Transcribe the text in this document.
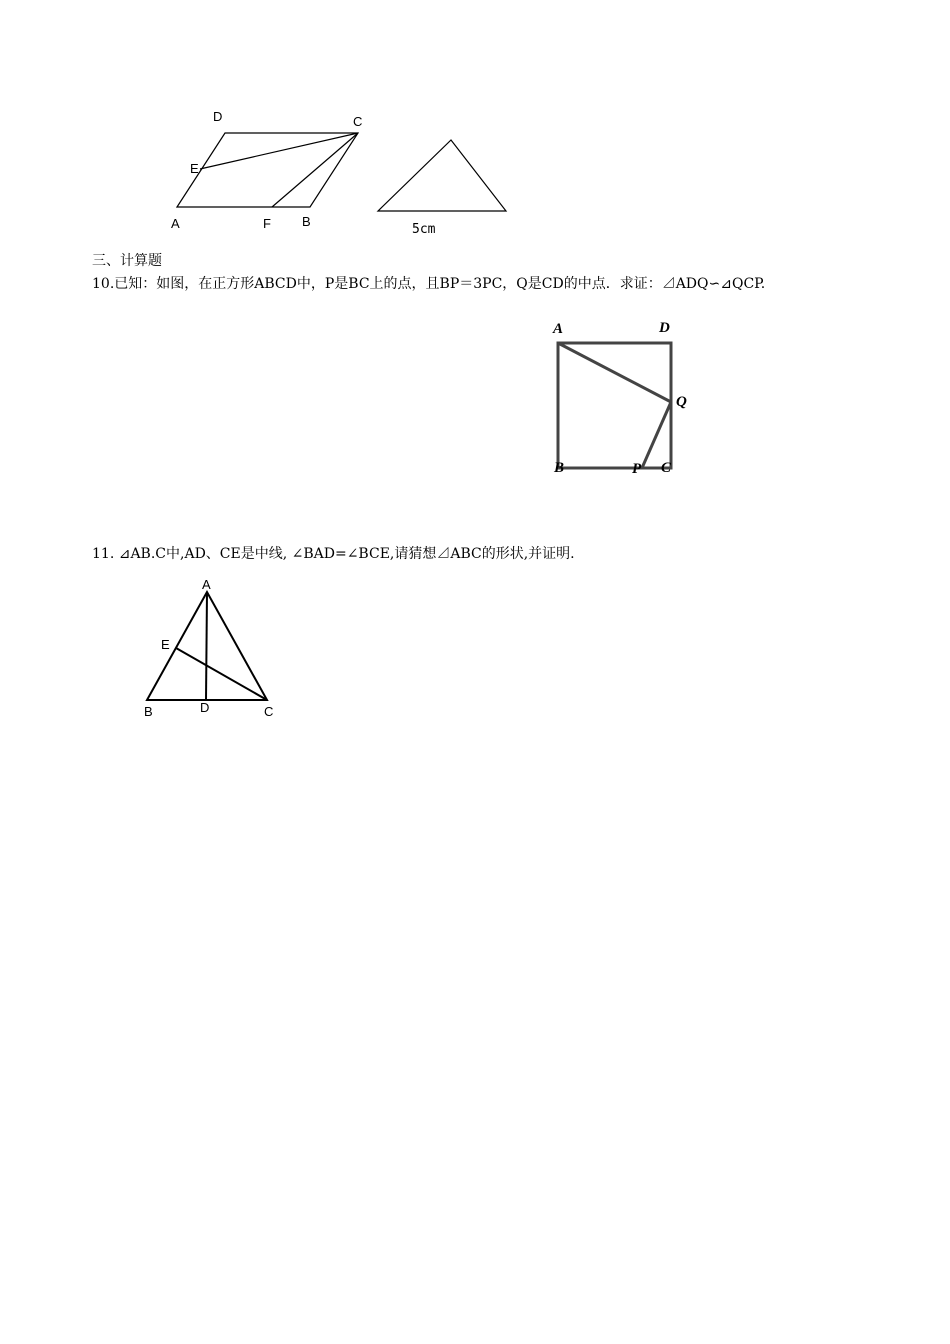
A	B
C
D
E
F	5cm
三、计算题
10.已知：如图，在正方形ABCD中，P是BC上的点，且BP＝3PC，Q是CD的中点．求证：⊿ADQ∽⊿QCP.
A	D
Q
B	P C
11. ⊿AB.C中,AD、CE是中线, ∠BAD=∠BCE,请猜想⊿ABC的形状,并证明.
A
E
B	D	C
